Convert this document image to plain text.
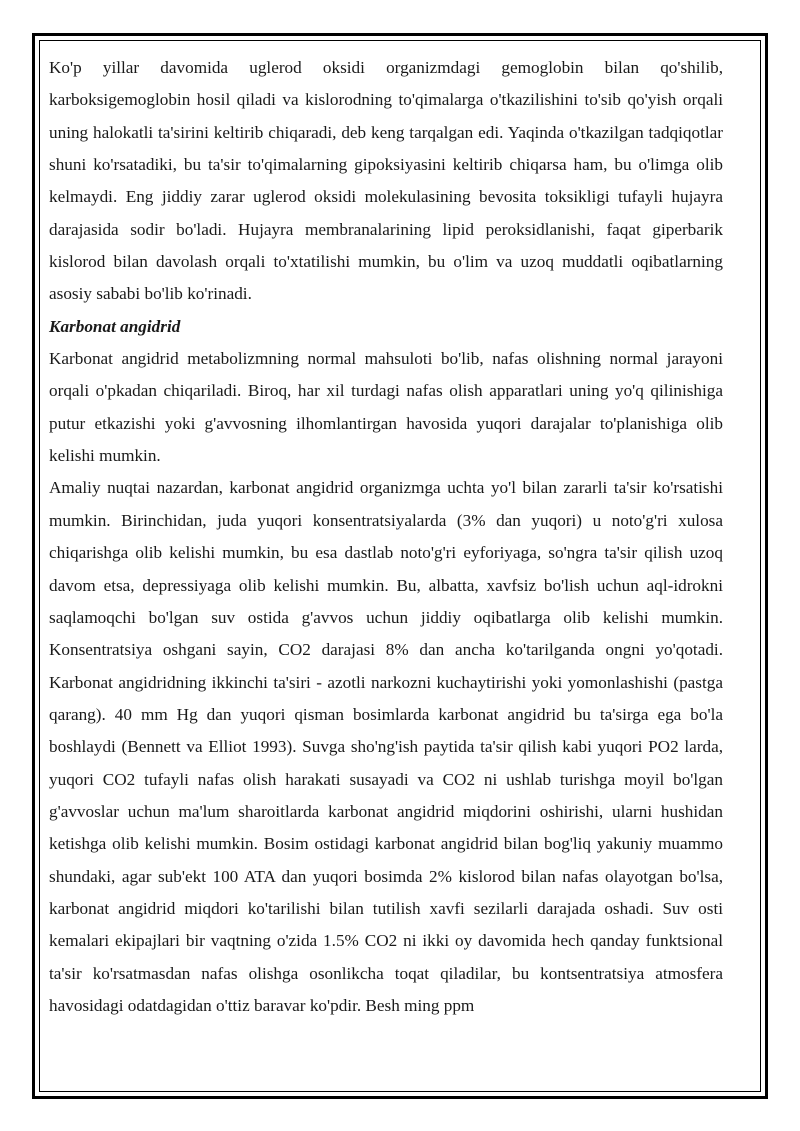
Ko'p yillar davomida uglerod oksidi organizmdagi gemoglobin bilan qo'shilib, karboksigemoglobin hosil qiladi va kislorodning to'qimalarga o'tkazilishini to'sib qo'yish orqali uning halokatli ta'sirini keltirib chiqaradi, deb keng tarqalgan edi. Yaqinda o'tkazilgan tadqiqotlar shuni ko'rsatadiki, bu ta'sir to'qimalarning gipoksiyasini keltirib chiqarsa ham, bu o'limga olib kelmaydi. Eng jiddiy zarar uglerod oksidi molekulasining bevosita toksikligi tufayli hujayra darajasida sodir bo'ladi. Hujayra membranalarining lipid peroksidlanishi, faqat giperbarik kislorod bilan davolash orqali to'xtatilishi mumkin, bu o'lim va uzoq muddatli oqibatlarning asosiy sababi bo'lib ko'rinadi.

Karbonat angidrid

Karbonat angidrid metabolizmning normal mahsuloti bo'lib, nafas olishning normal jarayoni orqali o'pkadan chiqariladi. Biroq, har xil turdagi nafas olish apparatlari uning yo'q qilinishiga putur etkazishi yoki g'avvosning ilhomlantirgan havosida yuqori darajalar to'planishiga olib kelishi mumkin.

Amaliy nuqtai nazardan, karbonat angidrid organizmga uchta yo'l bilan zararli ta'sir ko'rsatishi mumkin. Birinchidan, juda yuqori konsentratsiyalarda (3% dan yuqori) u noto'g'ri xulosa chiqarishga olib kelishi mumkin, bu esa dastlab noto'g'ri eyforiyaga, so'ngra ta'sir qilish uzoq davom etsa, depressiyaga olib kelishi mumkin. Bu, albatta, xavfsiz bo'lish uchun aql-idrokni saqlamoqchi bo'lgan suv ostida g'avvos uchun jiddiy oqibatlarga olib kelishi mumkin. Konsentratsiya oshgani sayin, CO2 darajasi 8% dan ancha ko'tarilganda ongni yo'qotadi. Karbonat angidridning ikkinchi ta'siri - azotli narkozni kuchaytirishi yoki yomonlashishi (pastga qarang). 40 mm Hg dan yuqori qisman bosimlarda karbonat angidrid bu ta'sirga ega bo'la boshlaydi (Bennett va Elliot 1993). Suvga sho'ng'ish paytida ta'sir qilish kabi yuqori PO2 larda, yuqori CO2 tufayli nafas olish harakati susayadi va CO2 ni ushlab turishga moyil bo'lgan g'avvoslar uchun ma'lum sharoitlarda karbonat angidrid miqdorini oshirishi, ularni hushidan ketishga olib kelishi mumkin. Bosim ostidagi karbonat angidrid bilan bog'liq yakuniy muammo shundaki, agar sub'ekt 100 ATA dan yuqori bosimda 2% kislorod bilan nafas olayotgan bo'lsa, karbonat angidrid miqdori ko'tarilishi bilan tutilish xavfi sezilarli darajada oshadi. Suv osti kemalari ekipajlari bir vaqtning o'zida 1.5% CO2 ni ikki oy davomida hech qanday funktsional ta'sir ko'rsatmasdan nafas olishga osonlikcha toqat qiladilar, bu kontsentratsiya atmosfera havosidagi odatdagidan o'ttiz baravar ko'pdir. Besh ming ppm
